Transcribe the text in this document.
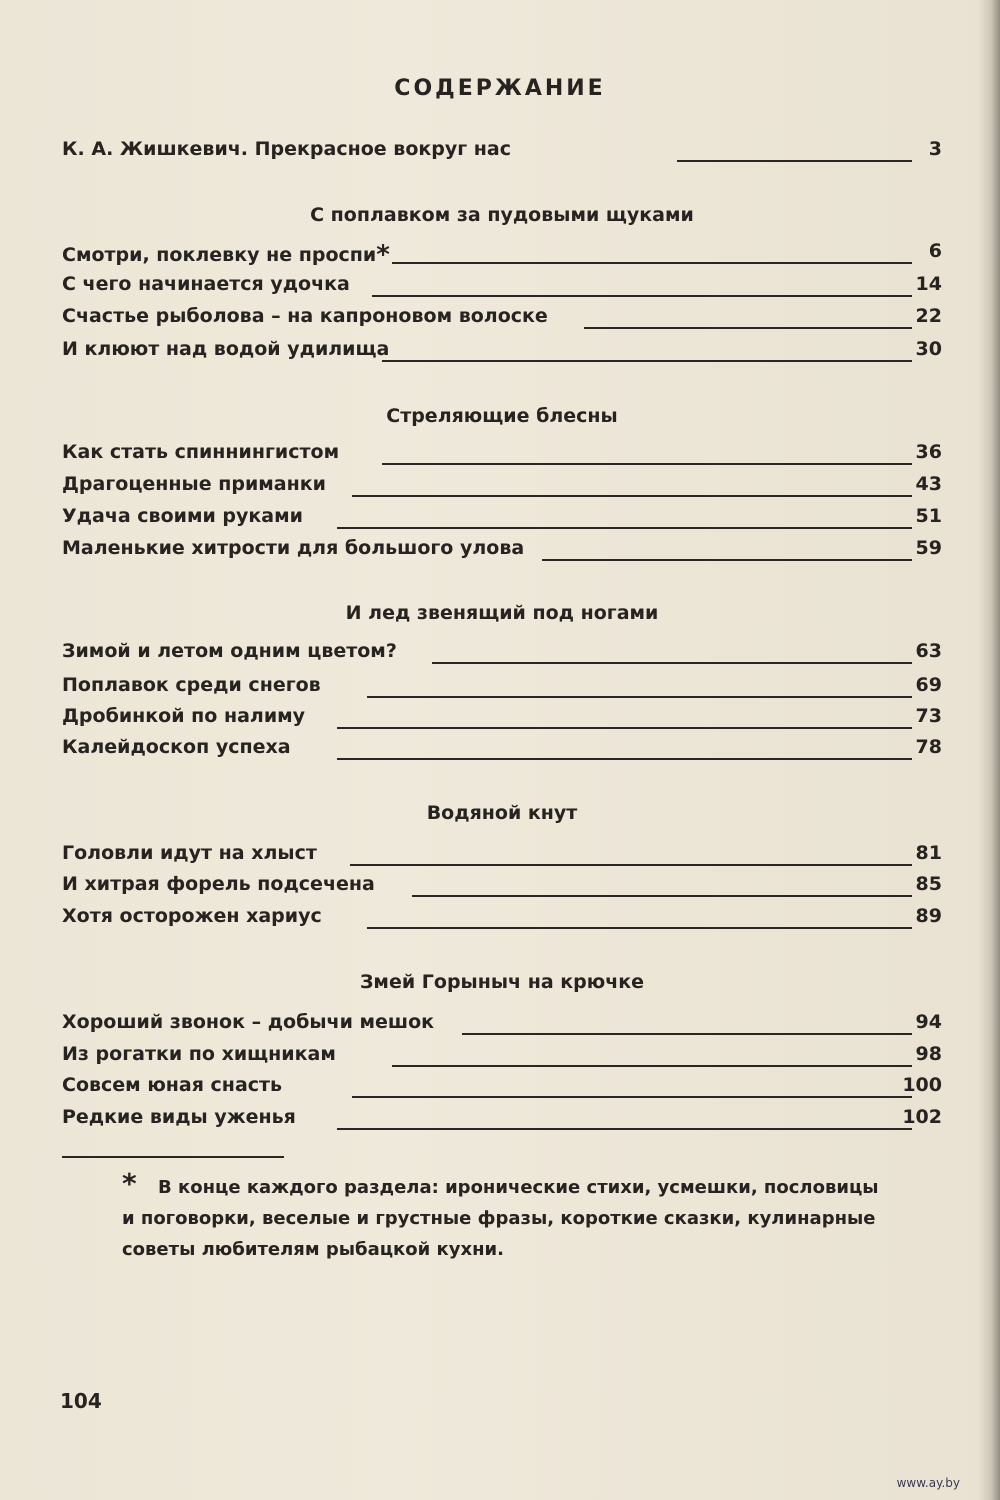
СОДЕРЖАНИЕ
К. А. Жишкевич. Прекрасное вокруг нас	3
С поплавком за пудовыми щуками
Смотри, поклевку не проспи*	6
С чего начинается удочка	14
Счастье рыболова – на капроновом волоске	22
И клюют над водой удилища	30
Стреляющие блесны
Как стать спиннингистом	36
Драгоценные приманки	43
Удача своими руками	51
Маленькие хитрости для большого улова	59
И лед звенящий под ногами
Зимой и летом одним цветом?	63
Поплавок среди снегов	69
Дробинкой по налиму	73
Калейдоскоп успеха	78
Водяной кнут
Головли идут на хлыст	81
И хитрая форель подсечена	85
Хотя осторожен хариус	89
Змей Горыныч на крючке
Хороший звонок – добычи мешок	94
Из рогатки по хищникам	98
Совсем юная снасть	100
Редкие виды уженья	102
*	В конце каждого раздела: иронические стихи, усмешки, пословицы

и поговорки, веселые и грустные фразы, короткие сказки, кулинарные

советы любителям рыбацкой кухни.

104
www.ay.by
